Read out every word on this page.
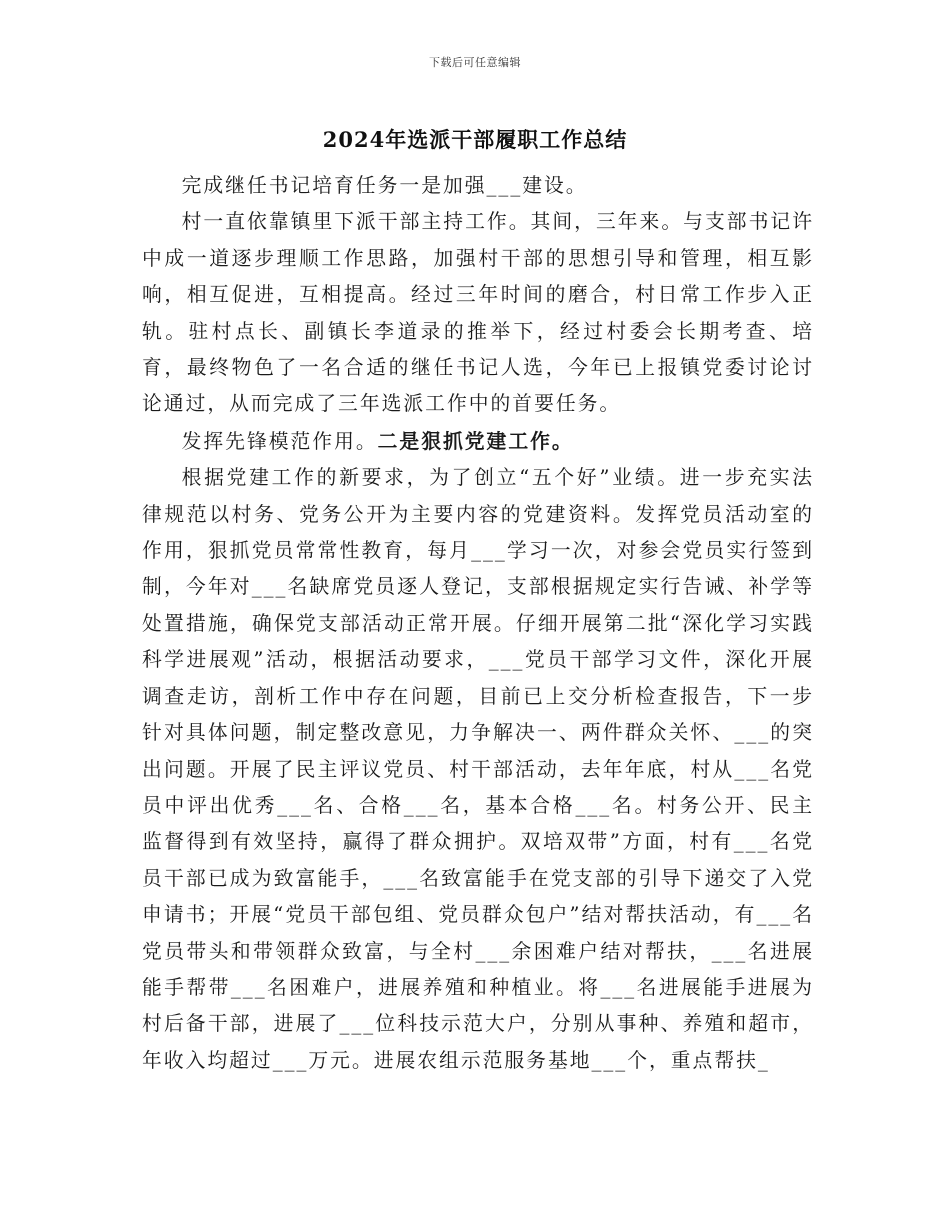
下载后可任意编辑
2024年选派干部履职工作总结

完成继任书记培育任务一是加强___建设。

村一直依靠镇里下派干部主持工作。其间，三年来。与支部书记许中成一道逐步理顺工作思路，加强村干部的思想引导和管理，相互影响，相互促进，互相提高。经过三年时间的磨合，村日常工作步入正轨。驻村点长、副镇长李道录的推举下，经过村委会长期考查、培育，最终物色了一名合适的继任书记人选，今年已上报镇党委讨论讨论通过，从而完成了三年选派工作中的首要任务。

发挥先锋模范作用。二是狠抓党建工作。

根据党建工作的新要求，为了创立“五个好”业绩。进一步充实法律规范以村务、党务公开为主要内容的党建资料。发挥党员活动室的作用，狠抓党员常常性教育，每月___学习一次，对参会党员实行签到制，今年对___名缺席党员逐人登记，支部根据规定实行告诫、补学等处置措施，确保党支部活动正常开展。仔细开展第二批“深化学习实践科学进展观”活动，根据活动要求，___党员干部学习文件，深化开展调查走访，剖析工作中存在问题，目前已上交分析检查报告，下一步针对具体问题，制定整改意见，力争解决一、两件群众关怀、___的突出问题。开展了民主评议党员、村干部活动，去年年底，村从___名党员中评出优秀___名、合格___名，基本合格___名。村务公开、民主监督得到有效坚持，赢得了群众拥护。双培双带”方面，村有___名党员干部已成为致富能手，___名致富能手在党支部的引导下递交了入党申请书；开展“党员干部包组、党员群众包户”结对帮扶活动，有___名党员带头和带领群众致富，与全村___余困难户结对帮扶，___名进展能手帮带___名困难户，进展养殖和种植业。将___名进展能手进展为村后备干部，进展了___位科技示范大户，分别从事种、养殖和超市，年收入均超过___万元。进展农组示范服务基地___个，重点帮扶_
